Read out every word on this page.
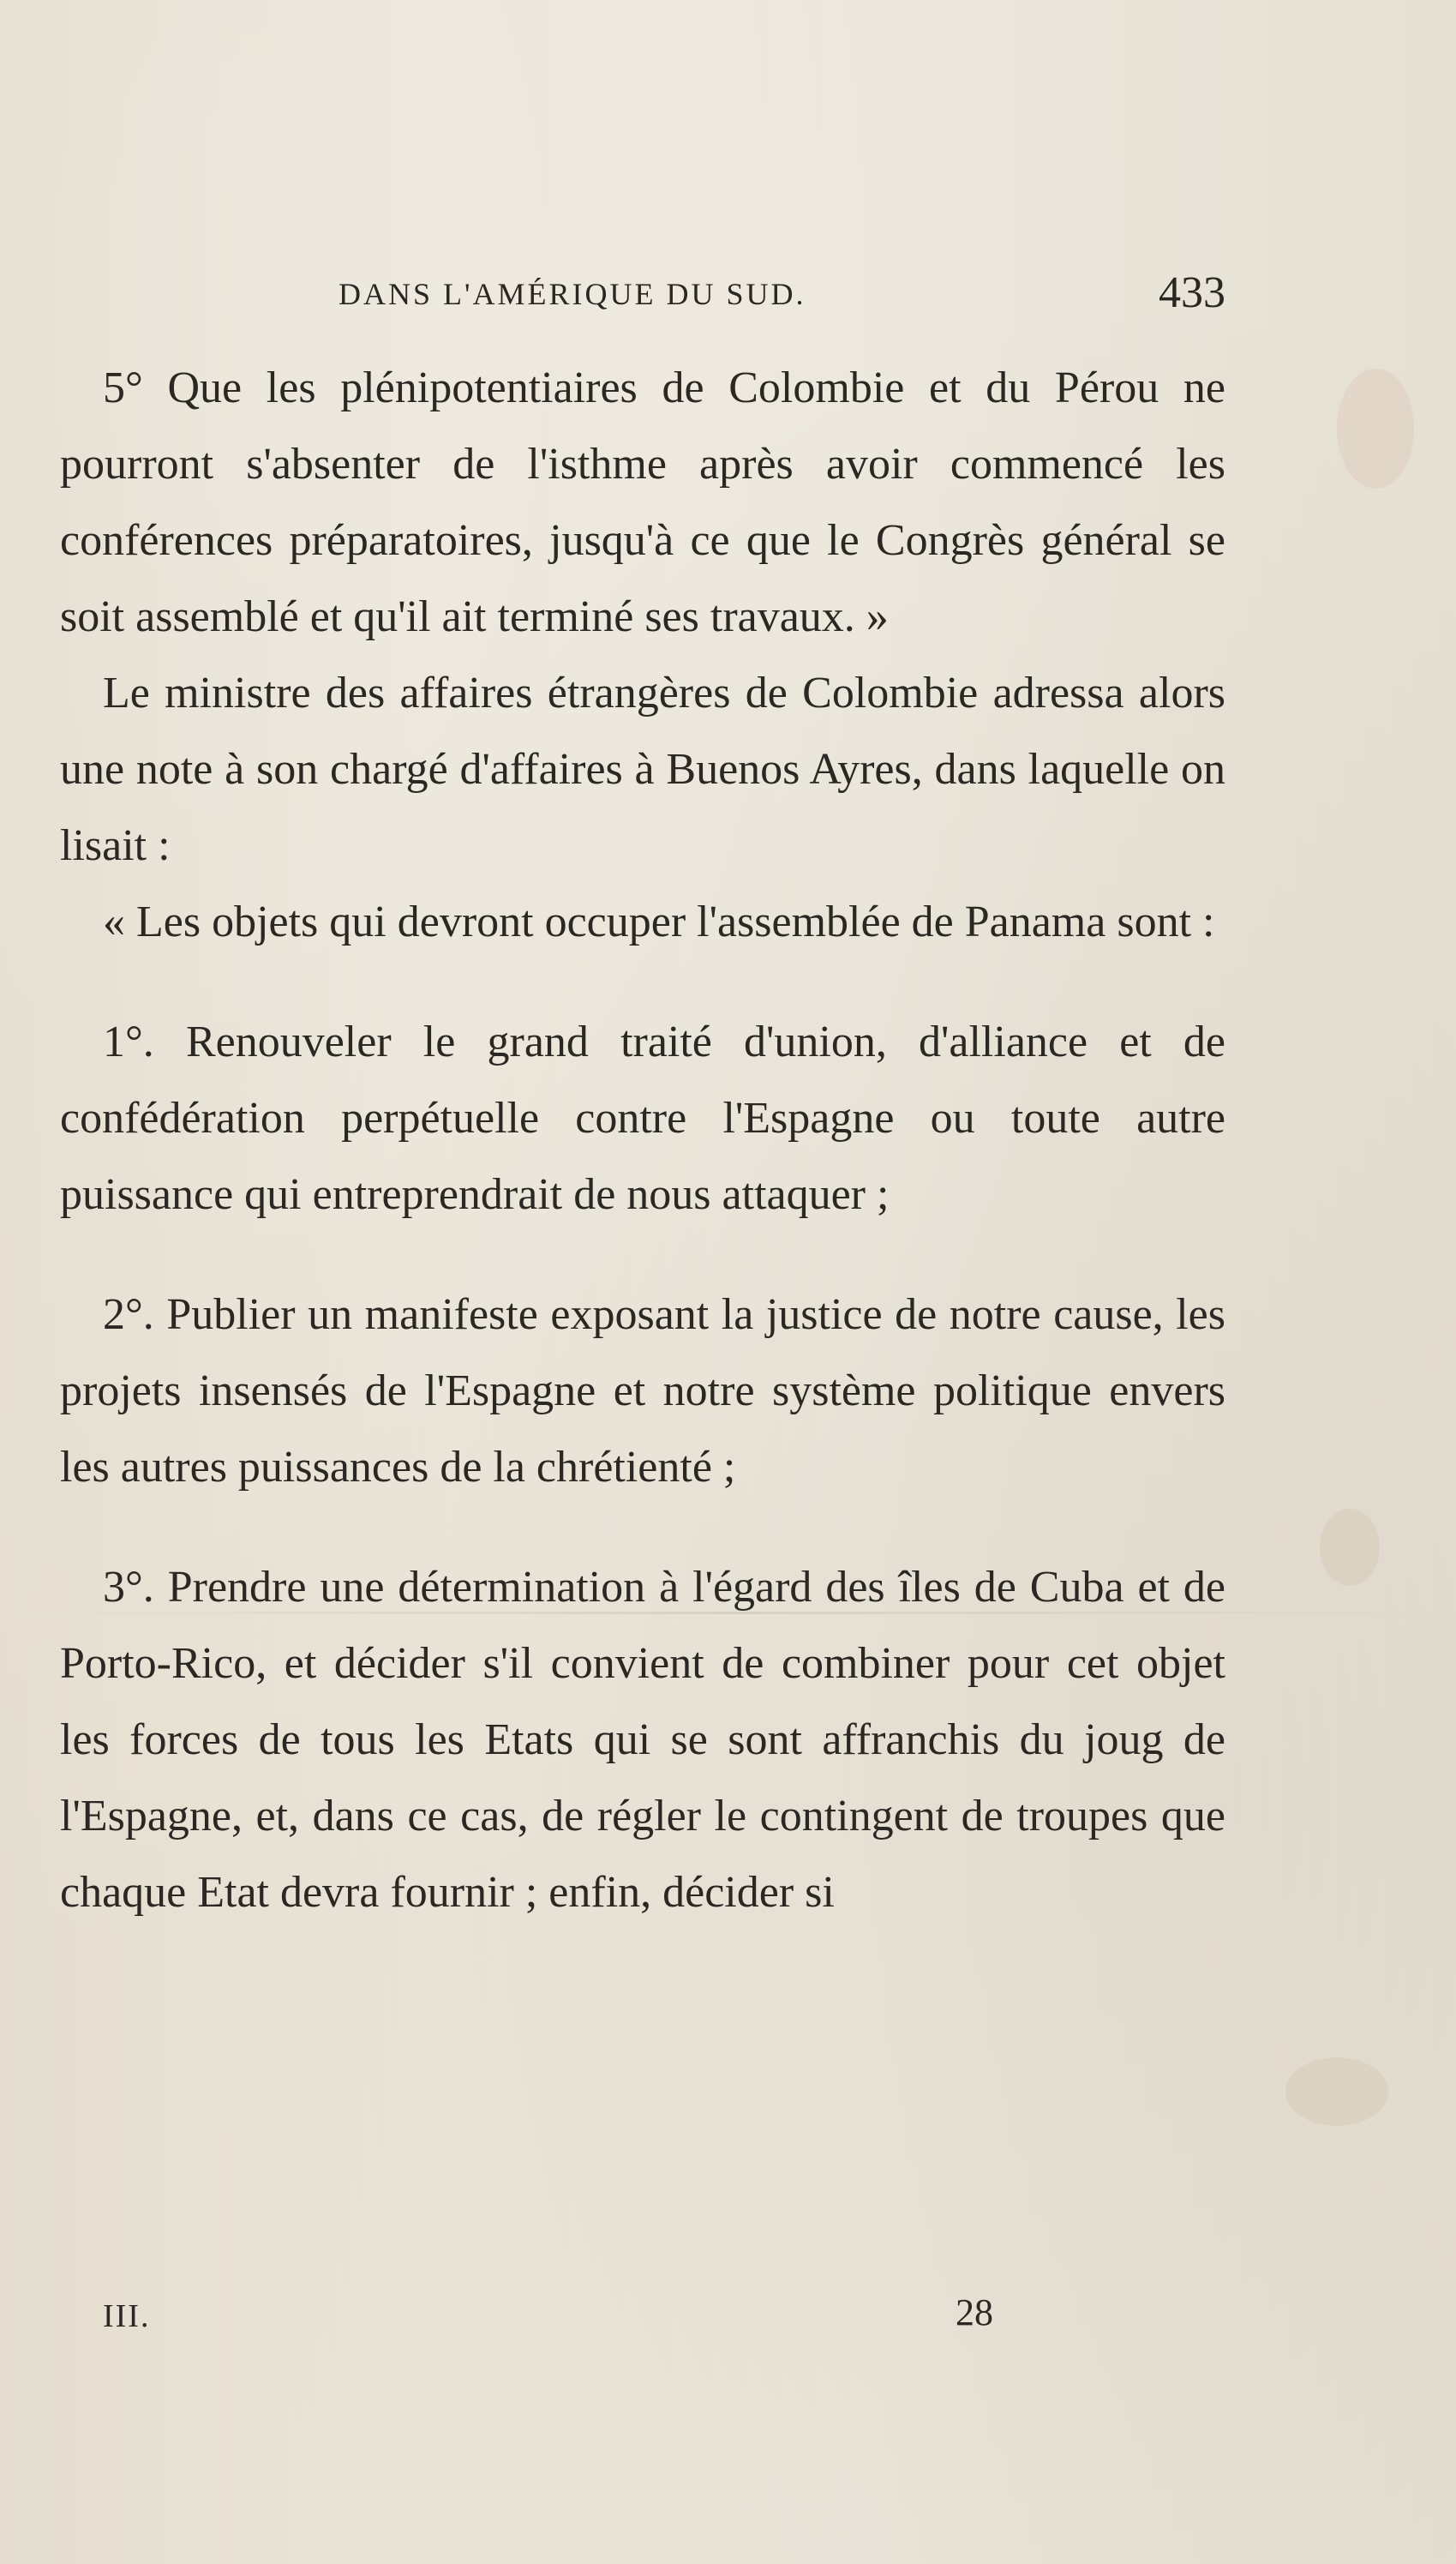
DANS L'AMÉRIQUE DU SUD.	433

5° Que les plénipotentiaires de Colombie et du Pérou ne pourront s'absenter de l'isthme après avoir commencé les conférences préparatoires, jusqu'à ce que le Congrès général se soit assemblé et qu'il ait terminé ses travaux. »

Le ministre des affaires étrangères de Colombie adressa alors une note à son chargé d'affaires à Buenos Ayres, dans laquelle on lisait :

« Les objets qui devront occuper l'assemblée de Panama sont :

1°. Renouveler le grand traité d'union, d'alliance et de confédération perpétuelle contre l'Espagne ou toute autre puissance qui entreprendrait de nous attaquer ;

2°. Publier un manifeste exposant la justice de notre cause, les projets insensés de l'Espagne et notre système politique envers les autres puissances de la chrétienté ;

3°. Prendre une détermination à l'égard des îles de Cuba et de Porto-Rico, et décider s'il convient de combiner pour cet objet les forces de tous les Etats qui se sont affranchis du joug de l'Espagne, et, dans ce cas, de régler le contingent de troupes que chaque Etat devra fournir ; enfin, décider si

III.	28
